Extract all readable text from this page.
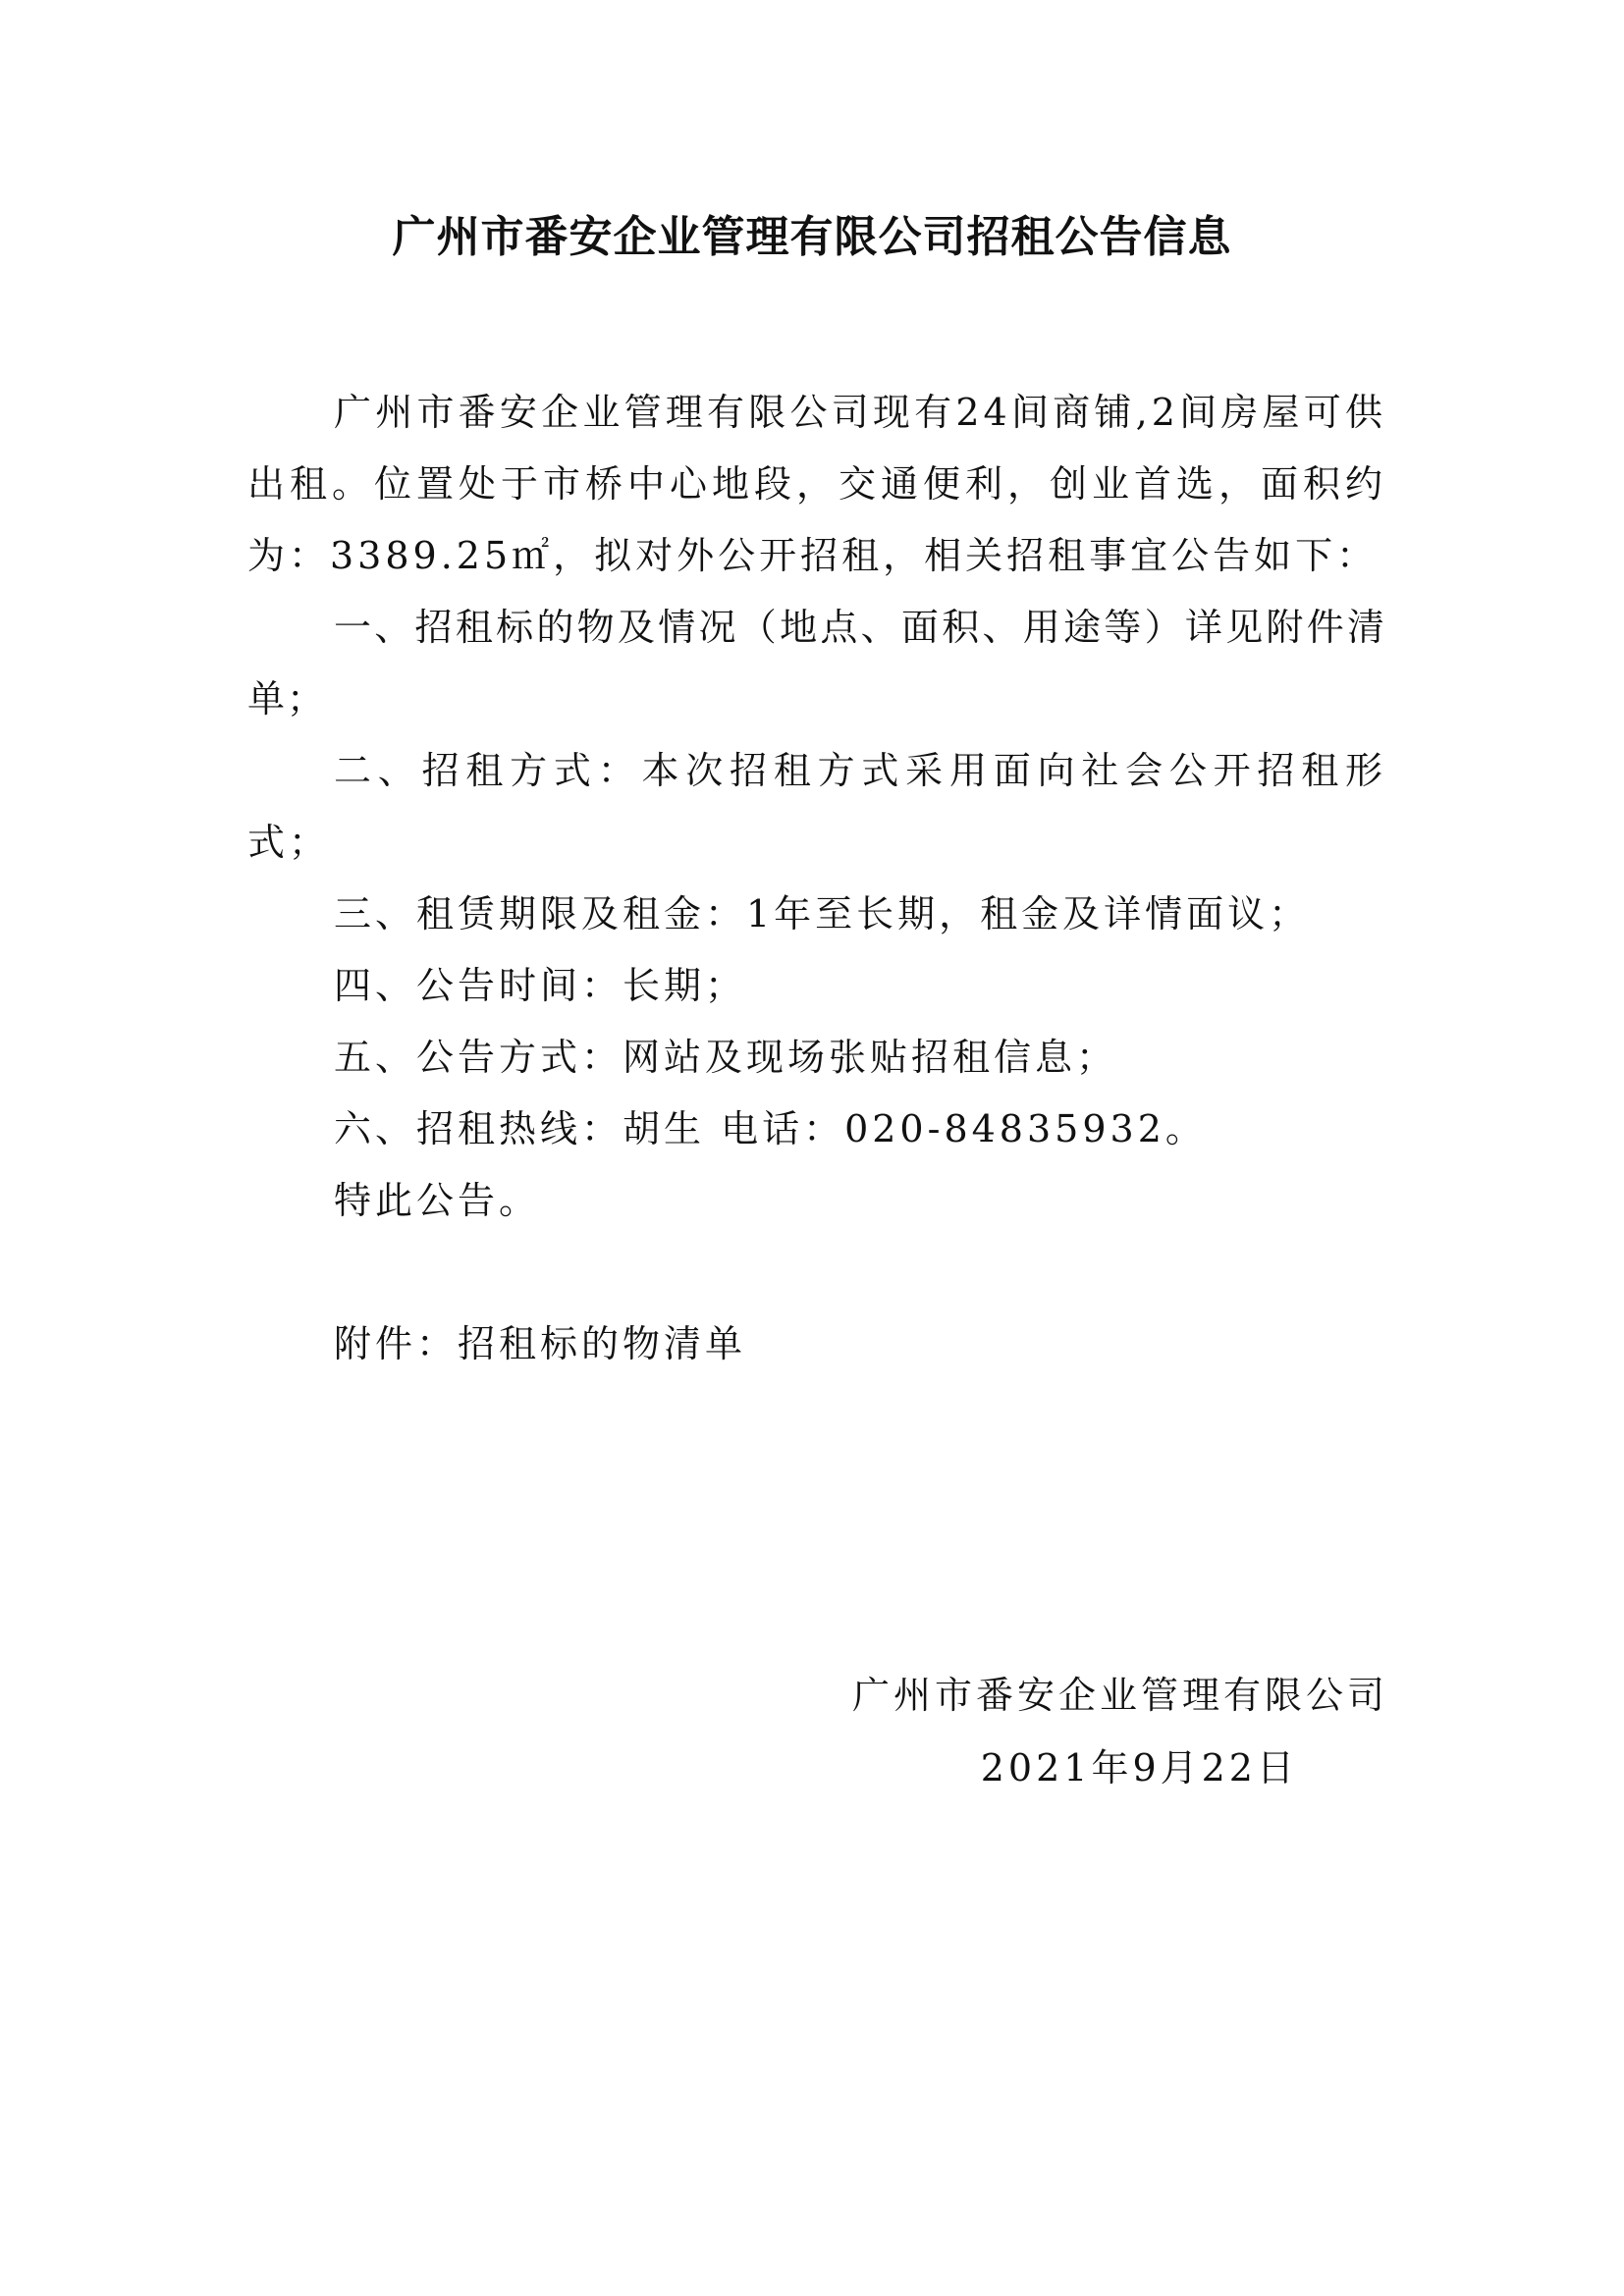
广州市番安企业管理有限公司招租公告信息

广州市番安企业管理有限公司现有24间商铺,2间房屋可供出租。位置处于市桥中心地段，交通便利，创业首选，面积约为：3389.25㎡，拟对外公开招租，相关招租事宜公告如下：

一、招租标的物及情况（地点、面积、用途等）详见附件清单；

二、招租方式：本次招租方式采用面向社会公开招租形式；

三、租赁期限及租金：1年至长期，租金及详情面议；

四、公告时间：长期；

五、公告方式：网站及现场张贴招租信息；

六、招租热线：胡生 电话：020-84835932。

特此公告。

附件：招租标的物清单

广州市番安企业管理有限公司
2021年9月22日
